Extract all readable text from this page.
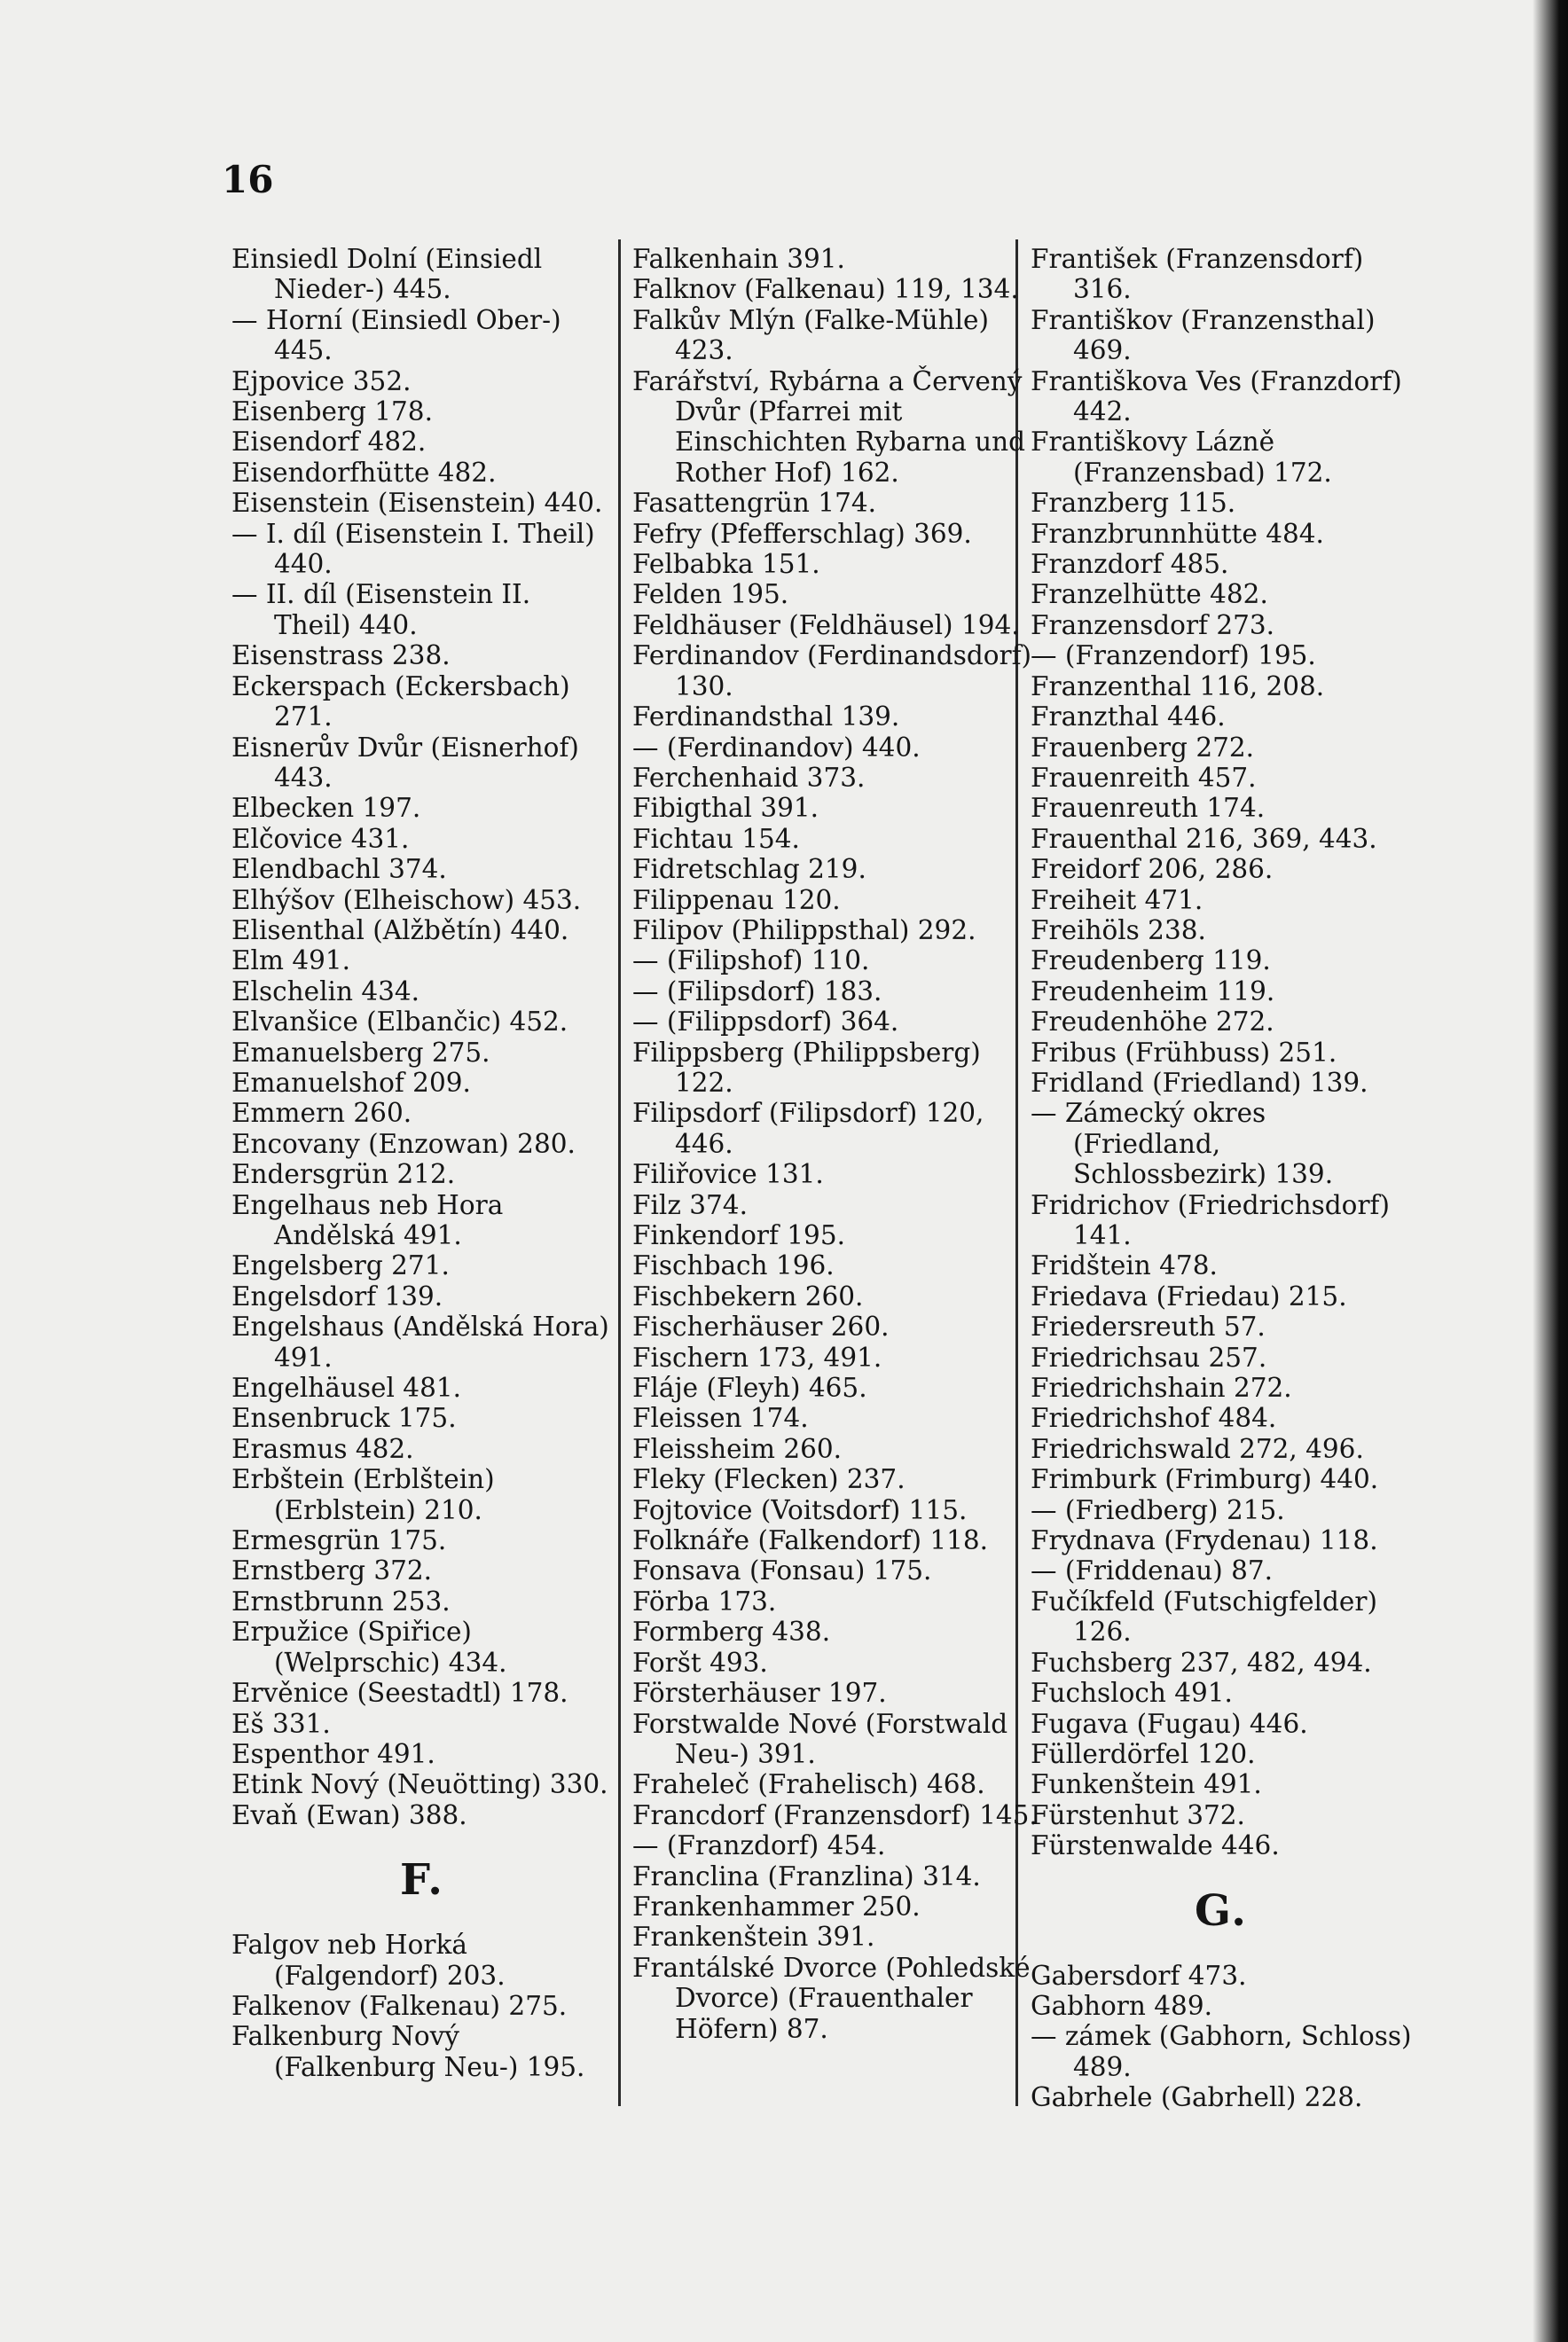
16
Einsiedl Dolní (Einsiedl Nieder-) 445.
— Horní (Einsiedl Ober-) 445.
Ejpovice 352.
Eisenberg 178.
Eisendorf 482.
Eisendorfhütte 482.
Eisenstein (Eisenstein) 440.
— I. díl (Eisenstein I. Theil) 440.
— II. díl (Eisenstein II. Theil) 440.
Eisenstrass 238.
Eckerspach (Eckersbach) 271.
Eisnerův Dvůr (Eisnerhof) 443.
Elbecken 197.
Elčovice 431.
Elendbachl 374.
Elhýšov (Elheischow) 453.
Elisenthal (Alžbětín) 440.
Elm 491.
Elschelin 434.
Elvanšice (Elbančic) 452.
Emanuelsberg 275.
Emanuelshof 209.
Emmern 260.
Encovany (Enzowan) 280.
Endersgrün 212.
Engelhaus neb Hora Andělská 491.
Engelsberg 271.
Engelsdorf 139.
Engelshaus (Andělská Hora) 491.
Engelhäusel 481.
Ensenbruck 175.
Erasmus 482.
Erbštein (Erblštein) (Erblstein) 210.
Ermesgrün 175.
Ernstberg 372.
Ernstbrunn 253.
Erpužice (Spiřice) (Welprschic) 434.
Ervěnice (Seestadtl) 178.
Eš 331.
Espenthor 491.
Etink Nový (Neuötting) 330.
Evaň (Ewan) 388.
F.
Falgov neb Horká (Falgendorf) 203.
Falkenov (Falkenau) 275.
Falkenburg Nový (Falkenburg Neu-) 195.
Falkenhain 391.
Falknov (Falkenau) 119, 134.
Falkův Mlýn (Falke-Mühle) 423.
Farářství, Rybárna a Červený Dvůr (Pfarrei mit Einschichten Rybarna und Rother Hof) 162.
Fasattengrün 174.
Fefry (Pfefferschlag) 369.
Felbabka 151.
Felden 195.
Feldhäuser (Feldhäusel) 194.
Ferdinandov (Ferdinandsdorf) 130.
Ferdinandsthal 139.
— (Ferdinandov) 440.
Ferchenhaid 373.
Fibigthal 391.
Fichtau 154.
Fidretschlag 219.
Filippenau 120.
Filipov (Philippsthal) 292.
— (Filipshof) 110.
— (Filipsdorf) 183.
— (Filippsdorf) 364.
Filippsberg (Philippsberg) 122.
Filipsdorf (Filipsdorf) 120, 446.
Filiřovice 131.
Filz 374.
Finkendorf 195.
Fischbach 196.
Fischbekern 260.
Fischerhäuser 260.
Fischern 173, 491.
Fláje (Fleyh) 465.
Fleissen 174.
Fleissheim 260.
Fleky (Flecken) 237.
Fojtovice (Voitsdorf) 115.
Folknáře (Falkendorf) 118.
Fonsava (Fonsau) 175.
Förba 173.
Formberg 438.
Foršt 493.
Försterhäuser 197.
Forstwalde Nové (Forstwald Neu-) 391.
Fraheleč (Frahelisch) 468.
Francdorf (Franzensdorf) 145.
— (Franzdorf) 454.
Franclina (Franzlina) 314.
Frankenhammer 250.
Frankenštein 391.
Frantálské Dvorce (Pohledské Dvorce) (Frauenthaler Höfern) 87.
František (Franzensdorf) 316.
Františkov (Franzensthal) 469.
Františkova Ves (Franzdorf) 442.
Františkovy Lázně (Franzensbad) 172.
Franzberg 115.
Franzbrunnhütte 484.
Franzdorf 485.
Franzelhütte 482.
Franzensdorf 273.
— (Franzendorf) 195.
Franzenthal 116, 208.
Franzthal 446.
Frauenberg 272.
Frauenreith 457.
Frauenreuth 174.
Frauenthal 216, 369, 443.
Freidorf 206, 286.
Freiheit 471.
Freihöls 238.
Freudenberg 119.
Freudenheim 119.
Freudenhöhe 272.
Fribus (Frühbuss) 251.
Fridland (Friedland) 139.
— Zámecký okres (Friedland, Schlossbezirk) 139.
Fridrichov (Friedrichsdorf) 141.
Fridštein 478.
Friedava (Friedau) 215.
Friedersreuth 57.
Friedrichsau 257.
Friedrichshain 272.
Friedrichshof 484.
Friedrichswald 272, 496.
Frimburk (Frimburg) 440.
— (Friedberg) 215.
Frydnava (Frydenau) 118.
— (Friddenau) 87.
Fučíkfeld (Futschigfelder) 126.
Fuchsberg 237, 482, 494.
Fuchsloch 491.
Fugava (Fugau) 446.
Füllerdörfel 120.
Funkenštein 491.
Fürstenhut 372.
Fürstenwalde 446.
G.
Gabersdorf 473.
Gabhorn 489.
— zámek (Gabhorn, Schloss) 489.
Gabrhele (Gabrhell) 228.
